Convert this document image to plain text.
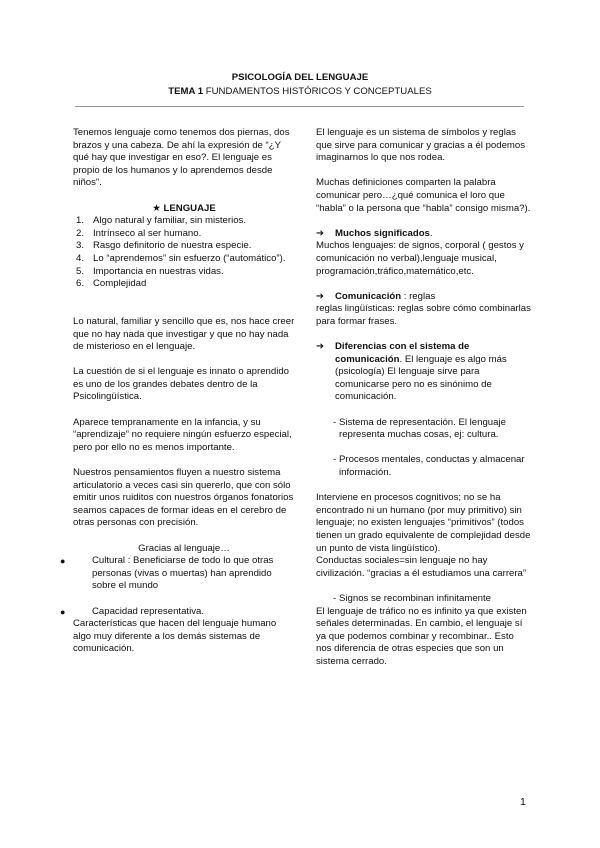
PSICOLOGÍA DEL LENGUAJE
TEMA 1 FUNDAMENTOS HISTÓRICOS Y CONCEPTUALES

Tenemos lenguaje como tenemos dos piernas, dos brazos y una cabeza. De ahí la expresión de “¿Y qué hay que investigar en eso?. El lenguaje es propio de los humanos y lo aprendemos desde niños”.

★ LENGUAJE

1. Algo natural y familiar, sin misterios.
2. Intrínseco al ser humano.
3. Rasgo definitorio de nuestra especie.
4. Lo “aprendemos” sin esfuerzo (“automático”).
5. Importancia en nuestras vidas.
6. Complejidad

Lo natural, familiar y sencillo que es, nos hace creer que no hay nada que investigar y que no hay nada de misterioso en el lenguaje.

La cuestión de si el lenguaje es innato o aprendido es uno de los grandes debates dentro de la Psicolingüística.

Aparece tempranamente en la infancia, y su “aprendizaje” no requiere ningún esfuerzo especial, pero por ello no es menos importante.

Nuestros pensamientos fluyen a nuestro sistema articulatorio a veces casi sin quererlo, que con sólo emitir unos ruiditos con nuestros órganos fonatorios seamos capaces de formar ideas en el cerebro de otras personas con precisión.

Gracias al lenguaje…

●	Cultural : Beneficiarse de todo lo que otras personas (vivas o muertas) han aprendido sobre el mundo
●	Capacidad representativa.

Características que hacen del lenguaje humano algo muy diferente a los demás sistemas de comunicación.

El lenguaje es un sistema de símbolos y reglas que sirve para comunicar y gracias a él podemos imaginarnos lo que nos rodea.

Muchas definiciones comparten la palabra comunicar pero…¿qué comunica el loro que “habla” o la persona que “habla” consigo misma?).

➔ Muchos significados.

Muchos lenguajes: de signos, corporal ( gestos y comunicación no verbal),lenguaje musical, programación,tráfico,matemático,etc.

➔ Comunicación : reglas

reglas lingüísticas: reglas sobre cómo combinarlas para formar frases.

➔ Diferencias con el sistema de comunicación. El lenguaje es algo más (psicología) El lenguaje sirve para comunicarse pero no es sinónimo de comunicación.
- Sistema de representación. El lenguaje representa muchas cosas, ej: cultura.
- Procesos mentales, conductas y almacenar información.

Interviene en procesos cognitivos; no se ha encontrado ni un humano (por muy primitivo) sin lenguaje; no existen lenguajes “primitivos” (todos tienen un grado equivalente de complejidad desde un punto de vista lingüístico).

Conductas sociales=sin lenguaje no hay civilización. “gracias a él estudiamos una carrera”

- Signos se recombinan infinitamente

El lenguaje de tráfico no es infinito ya que existen señales determinadas. En cambio, el lenguaje sí ya que podemos combinar y recombinar.. Esto nos diferencia de otras especies que son un sistema cerrado.

1
